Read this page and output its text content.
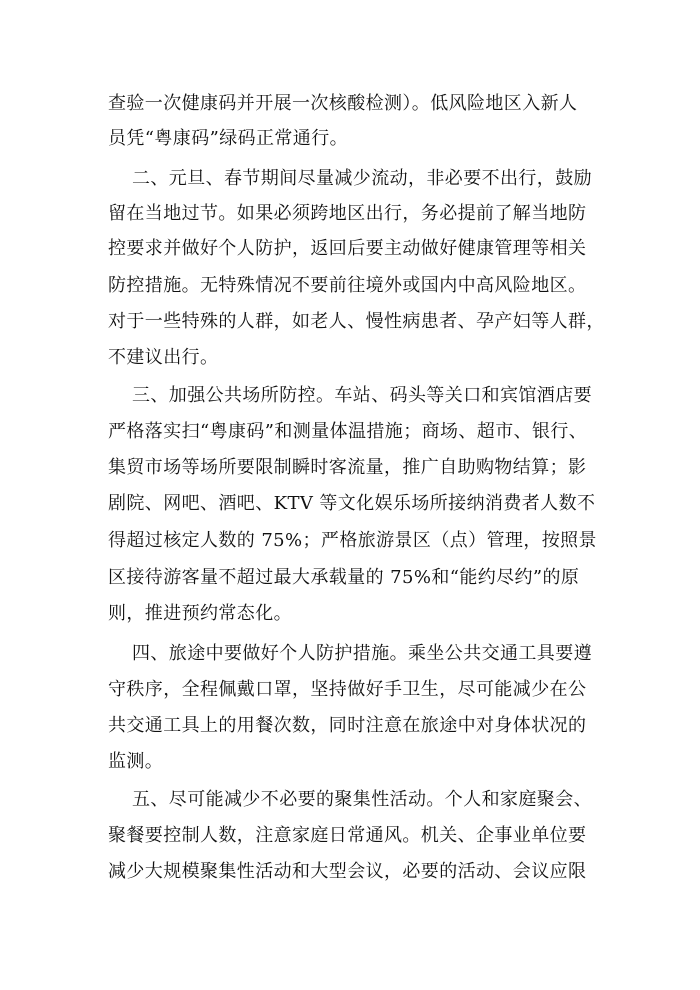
查验一次健康码并开展一次核酸检测）。低风险地区入新人
员凭“粤康码”绿码正常通行。
二、元旦、春节期间尽量减少流动，非必要不出行，鼓励
留在当地过节。如果必须跨地区出行，务必提前了解当地防
控要求并做好个人防护，返回后要主动做好健康管理等相关
防控措施。无特殊情况不要前往境外或国内中高风险地区。
对于一些特殊的人群，如老人、慢性病患者、孕产妇等人群，
不建议出行。
三、加强公共场所防控。车站、码头等关口和宾馆酒店要
严格落实扫“粤康码”和测量体温措施；商场、超市、银行、
集贸市场等场所要限制瞬时客流量，推广自助购物结算；影
剧院、网吧、酒吧、KTV 等文化娱乐场所接纳消费者人数不
得超过核定人数的 75%；严格旅游景区（点）管理，按照景
区接待游客量不超过最大承载量的 75%和“能约尽约”的原
则，推进预约常态化。
四、旅途中要做好个人防护措施。乘坐公共交通工具要遵
守秩序，全程佩戴口罩，坚持做好手卫生，尽可能减少在公
共交通工具上的用餐次数，同时注意在旅途中对身体状况的
监测。
五、尽可能减少不必要的聚集性活动。个人和家庭聚会、
聚餐要控制人数，注意家庭日常通风。机关、企事业单位要
减少大规模聚集性活动和大型会议，必要的活动、会议应限
